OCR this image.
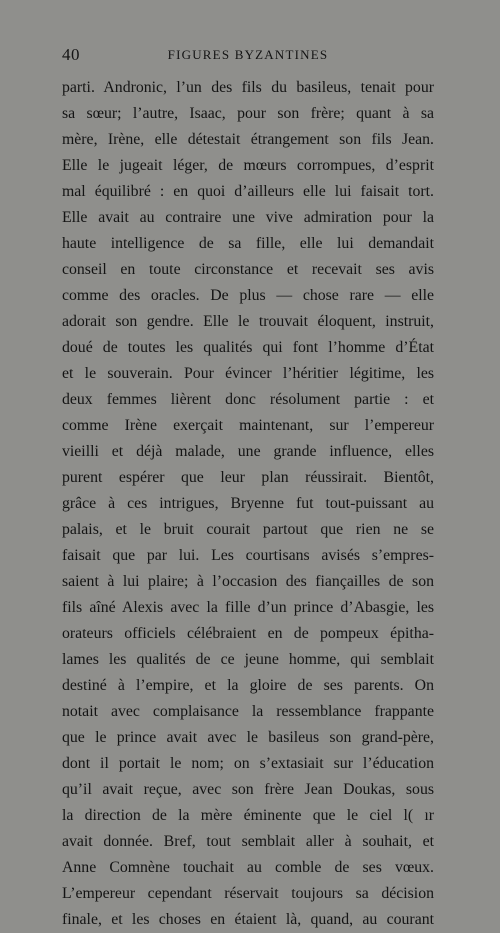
40	FIGURES BYZANTINES
parti. Andronic, l’un des fils du basileus, tenait pour
sa sœur; l’autre, Isaac, pour son frère; quant à sa
mère, Irène, elle détestait étrangement son fils Jean.
Elle le jugeait léger, de mœurs corrompues, d’esprit
mal équilibré : en quoi d’ailleurs elle lui faisait tort.
Elle avait au contraire une vive admiration pour la
haute intelligence de sa fille, elle lui demandait
conseil en toute circonstance et recevait ses avis
comme des oracles. De plus — chose rare — elle
adorait son gendre. Elle le trouvait éloquent, instruit,
doué de toutes les qualités qui font l’homme d’État
et le souverain. Pour évincer l’héritier légitime, les
deux femmes lièrent donc résolument partie : et
comme Irène exerçait maintenant, sur l’empereur
vieilli et déjà malade, une grande influence, elles
purent espérer que leur plan réussirait. Bientôt,
grâce à ces intrigues, Bryenne fut tout-puissant au
palais, et le bruit courait partout que rien ne se
faisait que par lui. Les courtisans avisés s’empres-
saient à lui plaire; à l’occasion des fiançailles de son
fils aîné Alexis avec la fille d’un prince d’Abasgie, les
orateurs officiels célébraient en de pompeux épitha-
lames les qualités de ce jeune homme, qui semblait
destiné à l’empire, et la gloire de ses parents. On
notait avec complaisance la ressemblance frappante
que le prince avait avec le basileus son grand-père,
dont il portait le nom; on s’extasiait sur l’éducation
qu’il avait reçue, avec son frère Jean Doukas, sous
la direction de la mère éminente que le ciel l( ır
avait donnée. Bref, tout semblait aller à souhait, et
Anne Comnène touchait au comble de ses vœux.
L’empereur cependant réservait toujours sa décision
finale, et les choses en étaient là, quand, au courant
